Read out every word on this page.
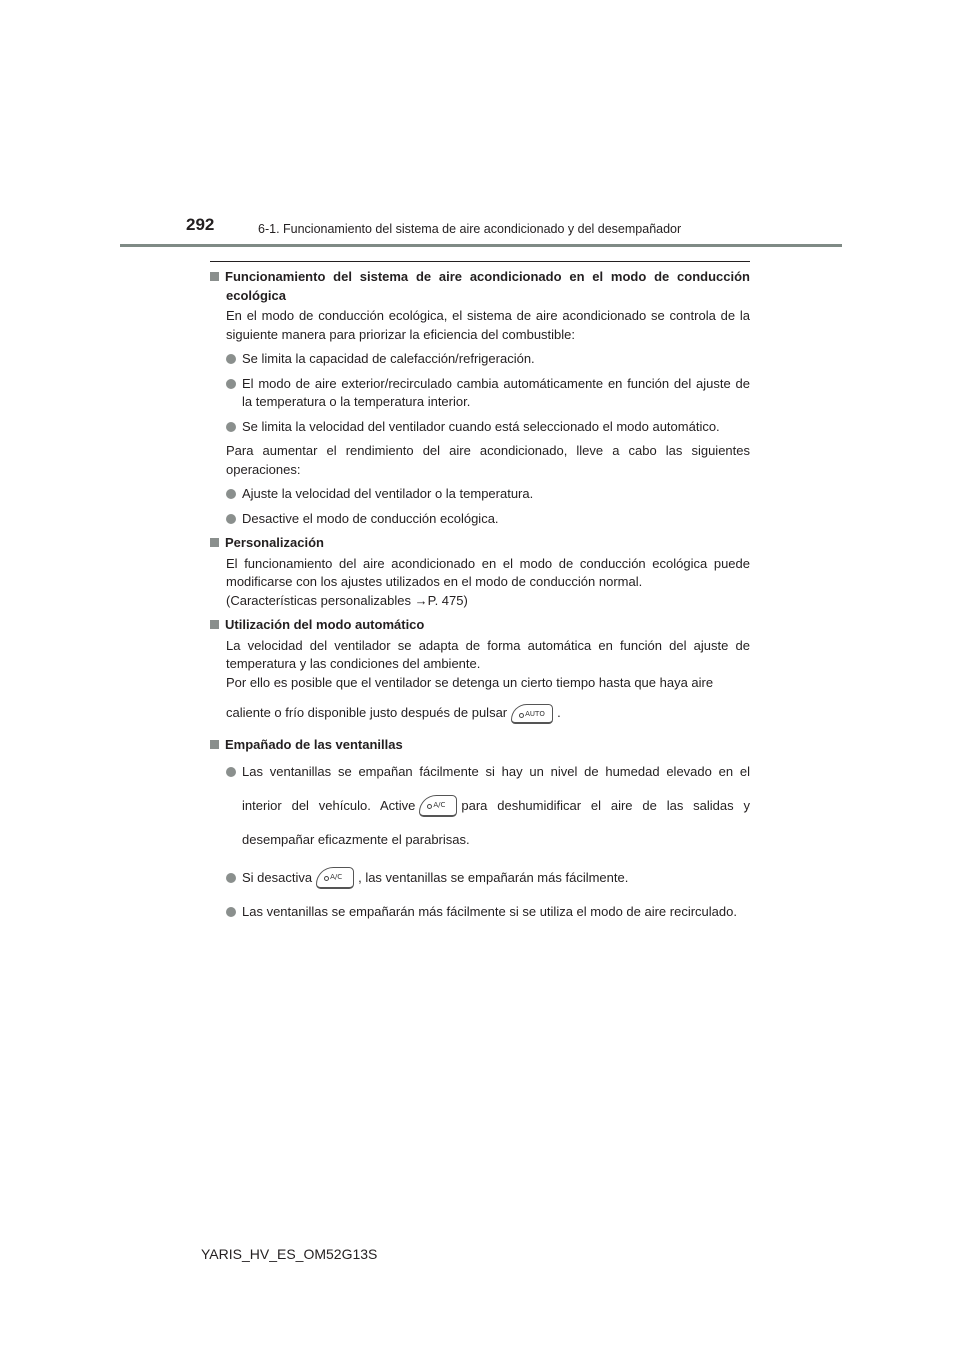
292	6-1. Funcionamiento del sistema de aire acondicionado y del desempañador

Funcionamiento del sistema de aire acondicionado en el modo de conducción ecológica

En el modo de conducción ecológica, el sistema de aire acondicionado se controla de la siguiente manera para priorizar la eficiencia del combustible:

Se limita la capacidad de calefacción/refrigeración.

El modo de aire exterior/recirculado cambia automáticamente en función del ajuste de la temperatura o la temperatura interior.

Se limita la velocidad del ventilador cuando está seleccionado el modo automático.

Para aumentar el rendimiento del aire acondicionado, lleve a cabo las siguientes operaciones:

Ajuste la velocidad del ventilador o la temperatura.

Desactive el modo de conducción ecológica.

Personalización

El funcionamiento del aire acondicionado en el modo de conducción ecológica puede modificarse con los ajustes utilizados en el modo de conducción normal.
(Características personalizables →P. 475)

Utilización del modo automático

La velocidad del ventilador se adapta de forma automática en función del ajuste de temperatura y las condiciones del ambiente.
Por ello es posible que el ventilador se detenga un cierto tiempo hasta que haya aire

caliente o frío disponible justo después de pulsar	AUTO .

Empañado de las ventanillas

Las ventanillas se empañan fácilmente si hay un nivel de humedad elevado en el interior del vehículo. Active	A/C para deshumidificar el aire de las salidas y desempañar eficazmente el parabrisas.

Si desactiva	A/C , las ventanillas se empañarán más fácilmente.

Las ventanillas se empañarán más fácilmente si se utiliza el modo de aire recirculado.

YARIS_HV_ES_OM52G13S
